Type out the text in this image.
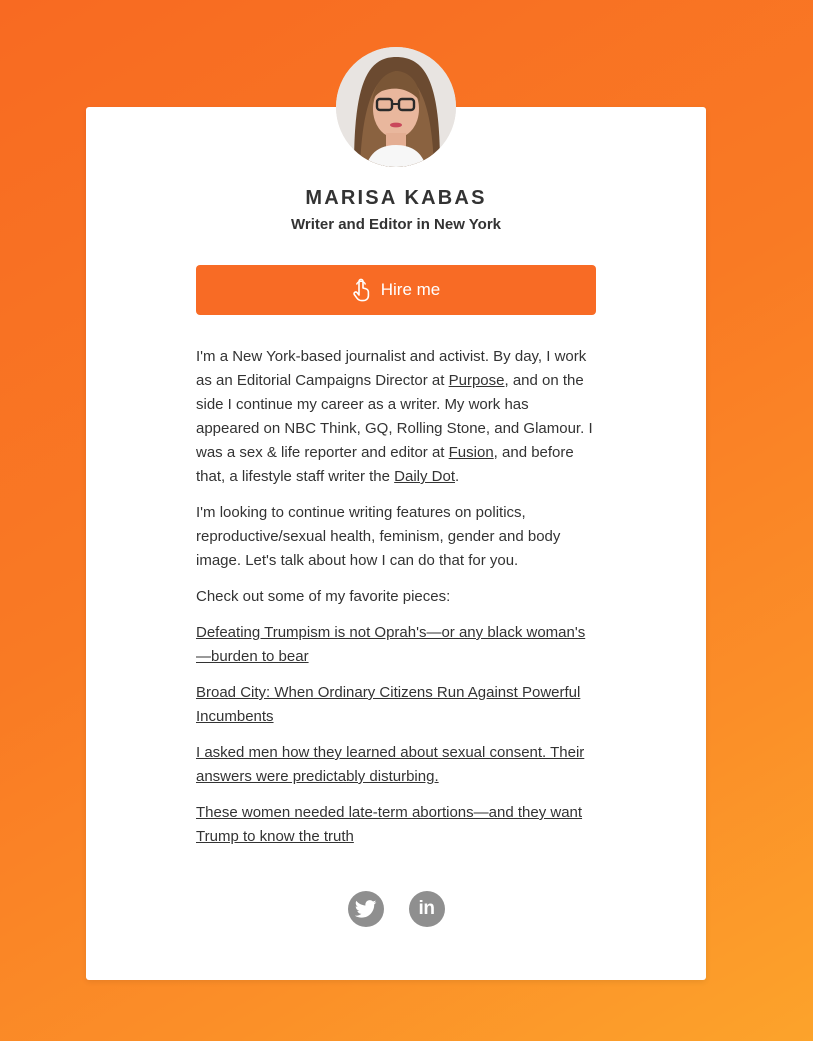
MARISA KABAS
Writer and Editor in New York
Hire me

I'm a New York-based journalist and activist. By day, I work as an Editorial Campaigns Director at Purpose, and on the side I continue my career as a writer. My work has appeared on NBC Think, GQ, Rolling Stone, and Glamour. I was a sex & life reporter and editor at Fusion, and before that, a lifestyle staff writer the Daily Dot.

I'm looking to continue writing features on politics, reproductive/sexual health, feminism, gender and body image. Let's talk about how I can do that for you.

Check out some of my favorite pieces:

Defeating Trumpism is not Oprah's—or any black woman's—burden to bear

Broad City: When Ordinary Citizens Run Against Powerful Incumbents

I asked men how they learned about sexual consent. Their answers were predictably disturbing.

These women needed late-term abortions—and they want Trump to know the truth

in
